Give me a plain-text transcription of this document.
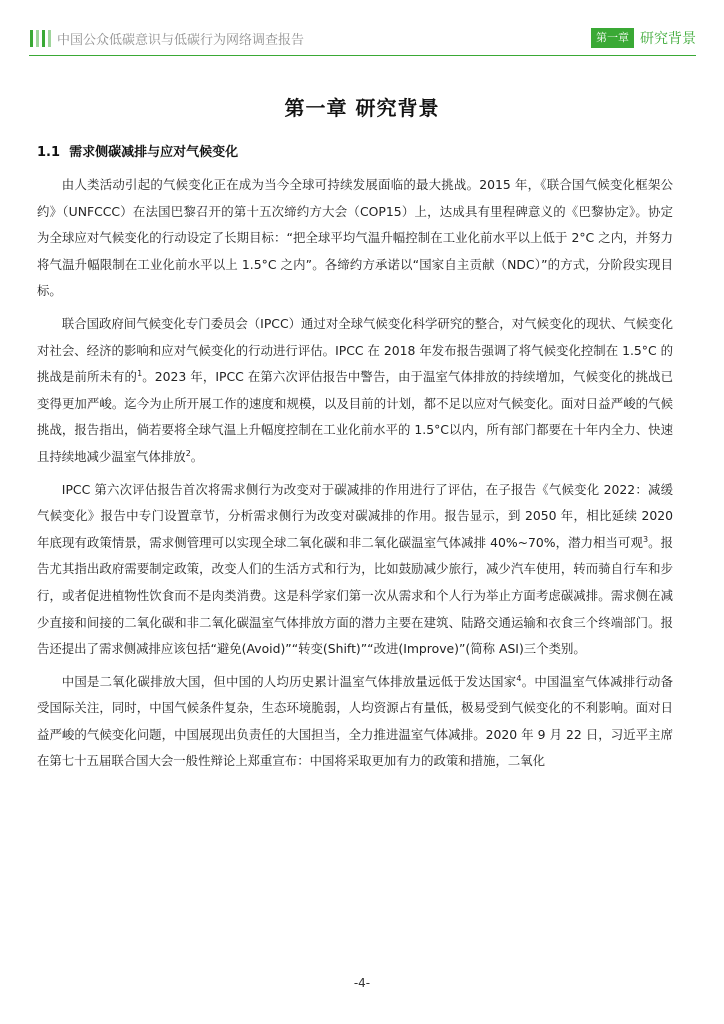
中国公众低碳意识与低碳行为网络调查报告	第一章 研究背景
第一章 研究背景
1.1 需求侧碳减排与应对气候变化

由人类活动引起的气候变化正在成为当今全球可持续发展面临的最大挑战。2015 年，《联合国气候变化框架公约》（UNFCCC）在法国巴黎召开的第十五次缔约方大会（COP15）上，达成具有里程碑意义的《巴黎协定》。协定为全球应对气候变化的行动设定了长期目标：“把全球平均气温升幅控制在工业化前水平以上低于 2°C 之内，并努力将气温升幅限制在工业化前水平以上 1.5°C 之内”。各缔约方承诺以“国家自主贡献（NDC）”的方式，分阶段实现目标。

联合国政府间气候变化专门委员会（IPCC）通过对全球气候变化科学研究的整合，对气候变化的现状、气候变化对社会、经济的影响和应对气候变化的行动进行评估。IPCC 在 2018 年发布报告强调了将气候变化控制在 1.5°C 的挑战是前所未有的$^1$。2023 年，IPCC 在第六次评估报告中警告，由于温室气体排放的持续增加，气候变化的挑战已变得更加严峻。迄今为止所开展工作的速度和规模，以及目前的计划，都不足以应对气候变化。面对日益严峻的气候挑战，报告指出，倘若要将全球气温上升幅度控制在工业化前水平的 1.5°C以内，所有部门都要在十年内全力、快速且持续地减少温室气体排放$^2$。

IPCC 第六次评估报告首次将需求侧行为改变对于碳减排的作用进行了评估，在子报告《气候变化 2022：减缓气候变化》报告中专门设置章节，分析需求侧行为改变对碳减排的作用。报告显示，到 2050 年，相比延续 2020 年底现有政策情景，需求侧管理可以实现全球二氧化碳和非二氧化碳温室气体减排 40%~70%，潜力相当可观$^3$。报告尤其指出政府需要制定政策，改变人们的生活方式和行为，比如鼓励减少旅行，减少汽车使用，转而骑自行车和步行，或者促进植物性饮食而不是肉类消费。这是科学家们第一次从需求和个人行为举止方面考虑碳减排。需求侧在减少直接和间接的二氧化碳和非二氧化碳温室气体排放方面的潜力主要在建筑、陆路交通运输和衣食三个终端部门。报告还提出了需求侧减排应该包括“避免(Avoid)”“转变(Shift)”“改进(Improve)”(简称 ASI)三个类别。

中国是二氧化碳排放大国，但中国的人均历史累计温室气体排放量远低于发达国家$^4$。中国温室气体减排行动备受国际关注，同时，中国气候条件复杂，生态环境脆弱，人均资源占有量低，极易受到气候变化的不利影响。面对日益严峻的气候变化问题，中国展现出负责任的大国担当，全力推进温室气体减排。2020 年 9 月 22 日，习近平主席在第七十五届联合国大会一般性辩论上郑重宣布：中国将采取更加有力的政策和措施，二氧化

-4-
